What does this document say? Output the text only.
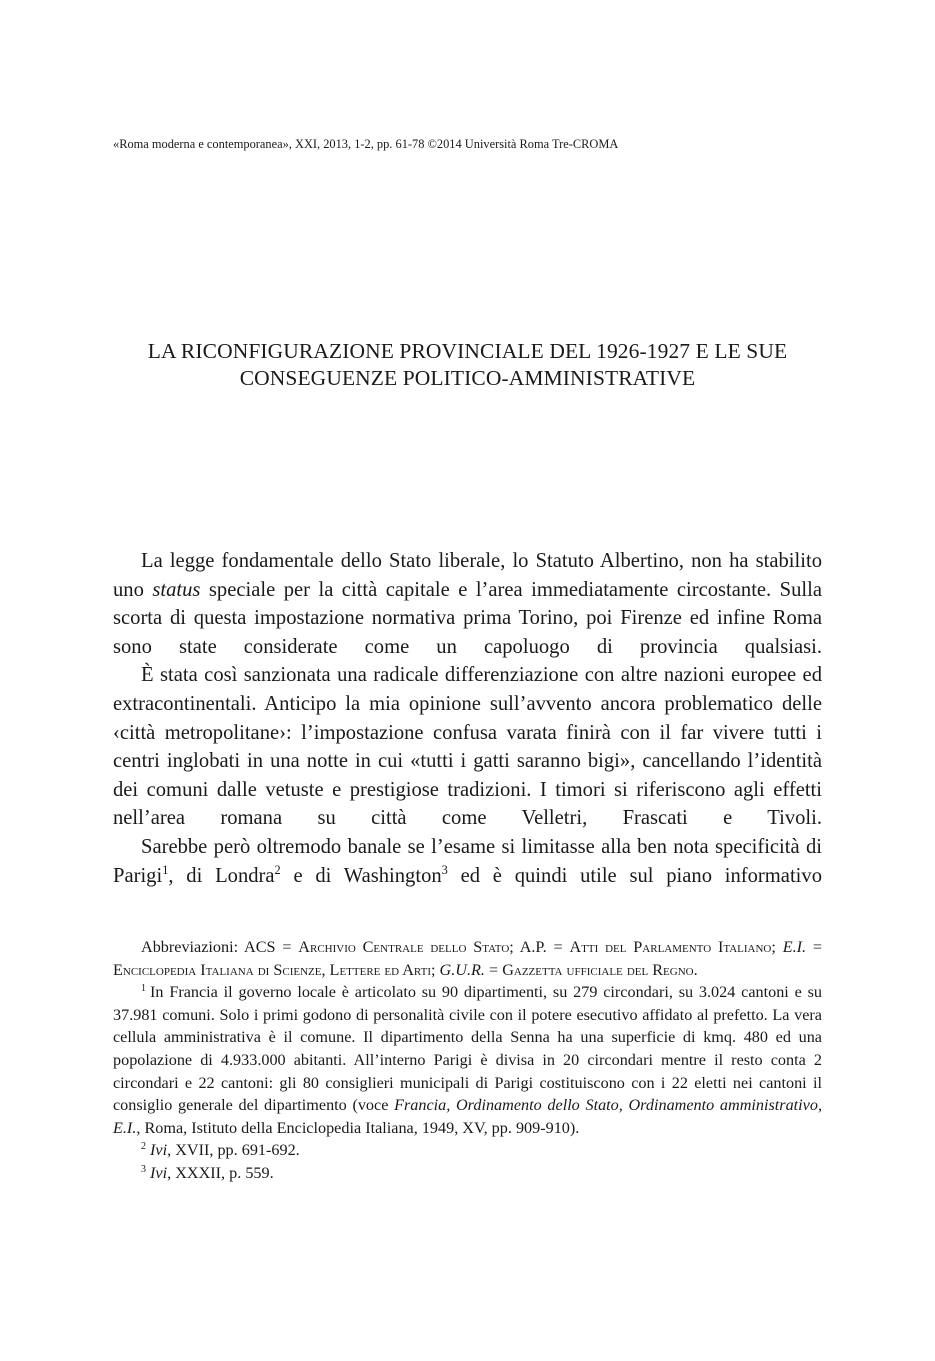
«Roma moderna e contemporanea», XXI, 2013, 1-2, pp. 61-78 ©2014 Università Roma Tre-CROMA
LA RICONFIGURAZIONE PROVINCIALE DEL 1926-1927 E LE SUE
CONSEGUENZE POLITICO-AMMINISTRATIVE

La legge fondamentale dello Stato liberale, lo Statuto Albertino, non ha stabilito uno status speciale per la città capitale e l’area immediatamente circostante. Sulla scorta di questa impostazione normativa prima Torino, poi Firenze ed infine Roma sono state considerate come un capoluogo di provincia qualsiasi.

È stata così sanzionata una radicale differenziazione con altre nazioni europee ed extracontinentali. Anticipo la mia opinione sull’avvento ancora problematico delle ‹città metropolitane›: l’impostazione confusa varata finirà con il far vivere tutti i centri inglobati in una notte in cui «tutti i gatti saranno bigi», cancellando l’identità dei comuni dalle vetuste e prestigiose tradizioni. I timori si riferiscono agli effetti nell’area romana su città come Velletri, Frascati e Tivoli.

Sarebbe però oltremodo banale se l’esame si limitasse alla ben nota specificità di Parigi$^1$, di Londra$^2$ e di Washington$^3$ ed è quindi utile sul piano informativo

Abbreviazioni: ACS = Archivio Centrale dello Stato; A.P. = Atti del Parlamento Italiano; E.I. = Enciclopedia Italiana di Scienze, Lettere ed Arti; G.U.R. = Gazzetta ufficiale del Regno.

$^1$ In Francia il governo locale è articolato su 90 dipartimenti, su 279 circondari, su 3.024 cantoni e su 37.981 comuni. Solo i primi godono di personalità civile con il potere esecutivo affidato al prefetto. La vera cellula amministrativa è il comune. Il dipartimento della Senna ha una superficie di kmq. 480 ed una popolazione di 4.933.000 abitanti. All’interno Parigi è divisa in 20 circondari mentre il resto conta 2 circondari e 22 cantoni: gli 80 consiglieri municipali di Parigi costituiscono con i 22 eletti nei cantoni il consiglio generale del dipartimento (voce Francia, Ordinamento dello Stato, Ordinamento amministrativo, E.I., Roma, Istituto della Enciclopedia Italiana, 1949, XV, pp. 909-910).

$^2$ Ivi, XVII, pp. 691-692.

$^3$ Ivi, XXXII, p. 559.
